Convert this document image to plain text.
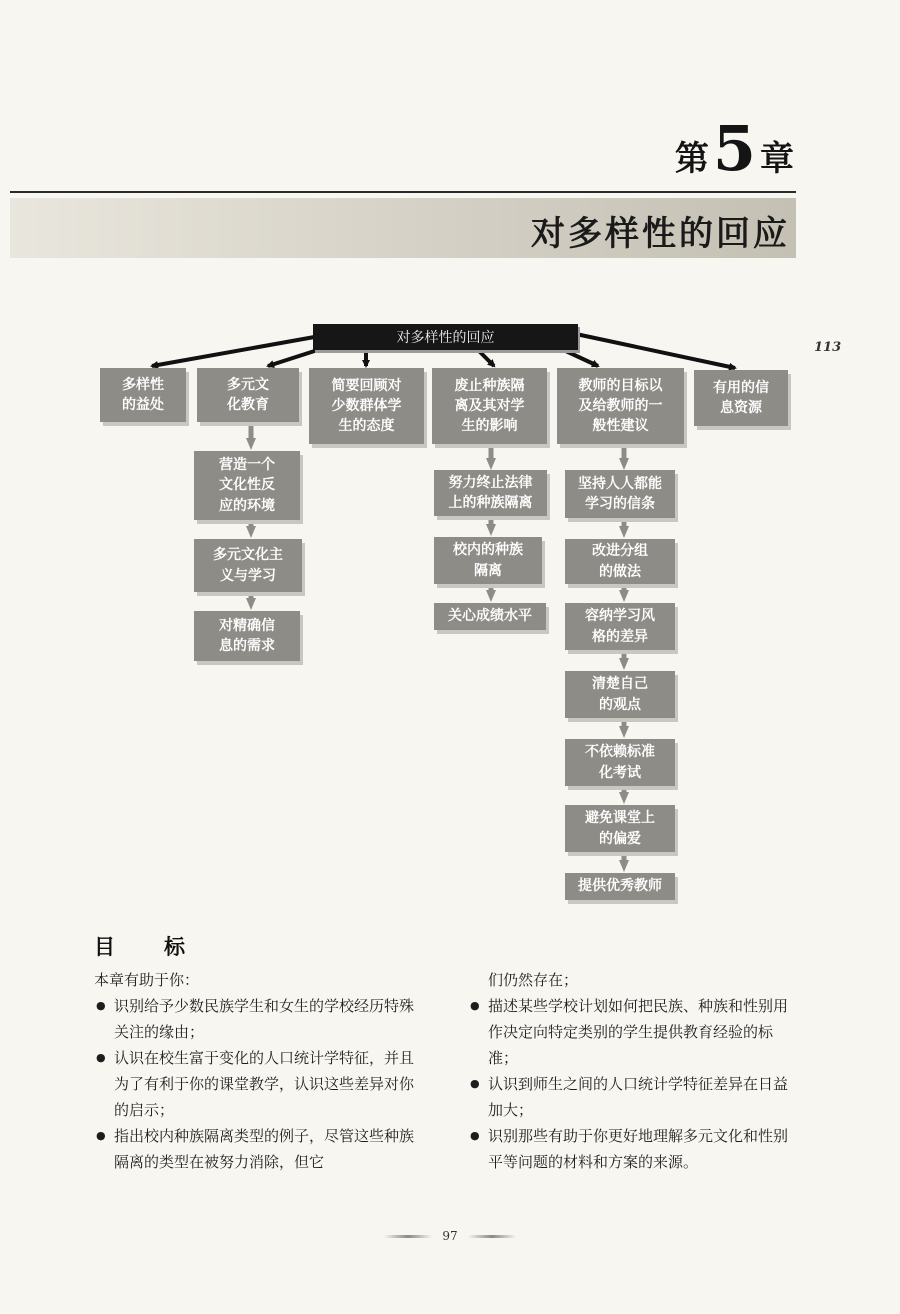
第 5 章
对多样性的回应
113
对多样性的回应
多样性
的益处
多元文
化教育
简要回顾对
少数群体学
生的态度
废止种族隔
离及其对学
生的影响
教师的目标以
及给教师的一
般性建议
有用的信
息资源
营造一个
文化性反
应的环境
多元文化主
义与学习
对精确信
息的需求
努力终止法律
上的种族隔离
校内的种族
隔离
关心成绩水平
坚持人人都能
学习的信条
改进分组
的做法
容纳学习风
格的差异
清楚自己
的观点
不依赖标准
化考试
避免课堂上
的偏爱
提供优秀教师
目　标

本章有助于你：

● 识别给予少数民族学生和女生的学校经历特殊关注的缘由；

● 认识在校生富于变化的人口统计学特征，并且为了有利于你的课堂教学，认识这些差异对你的启示；

● 指出校内种族隔离类型的例子，尽管这些种族隔离的类型在被努力消除，但它

们仍然存在；

● 描述某些学校计划如何把民族、种族和性别用作决定向特定类别的学生提供教育经验的标准；

● 认识到师生之间的人口统计学特征差异在日益加大；

● 识别那些有助于你更好地理解多元文化和性别平等问题的材料和方案的来源。

97
